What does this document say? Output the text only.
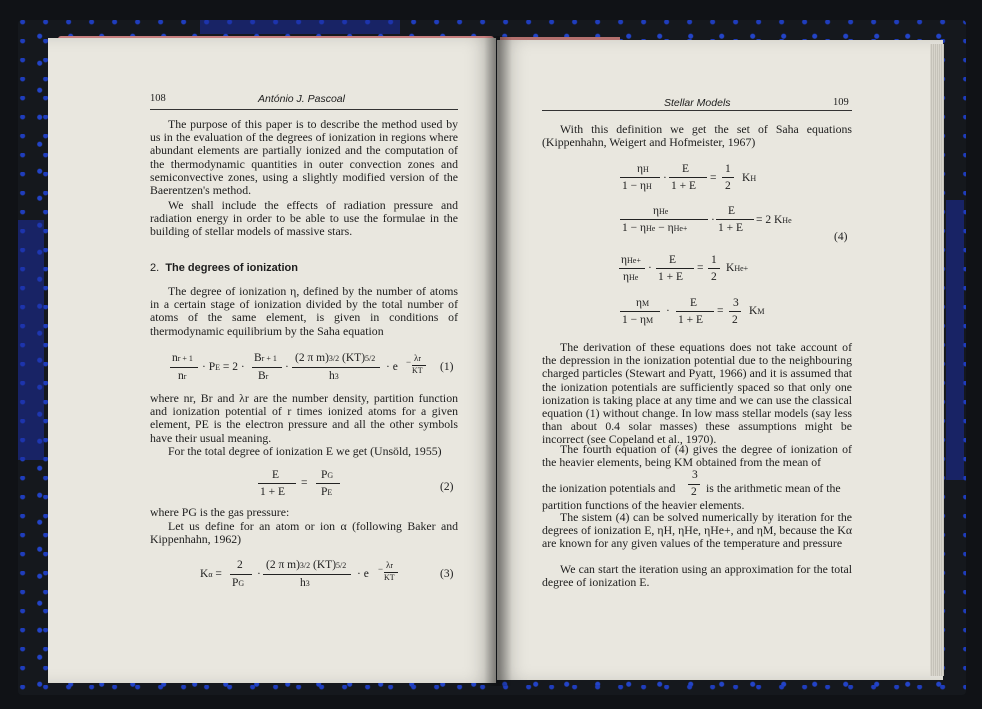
108	António J. Pascoal
The purpose of this paper is to describe the method used by us in the evaluation of the degrees of ionization in regions where abundant elements are partially ionized and the computation of the thermodynamic quantities in outer convection zones and semiconvective zones, using a slightly modified version of the Baerentzen's method.
We shall include the effects of radiation pressure and radiation energy in order to be able to use the formulae in the building of stellar models of massive stars.
2. The degrees of ionization
The degree of ionization η, defined by the number of atoms in a certain stage of ionization divided by the total number of atoms of the same element, is given in conditions of thermodynamic equilibrium by the Saha equation
nr + 1
nr
· PE = 2 ·
Br + 1
Br
·
(2 π m)3/2 (KT)5/2
h3
· e − λr
KT (1)
where nr, Br and λr are the number density, partition function and ionization potential of r times ionized atoms for a given element, PE is the electron pressure and all the other symbols have their usual meaning.
For the total degree of ionization E we get (Unsöld, 1955)
E
1 + E
=
PG
PE	(2)
where PG is the gas pressure:
Let us define for an atom or ion α (following Baker and Kippenhahn, 1962)
Kα =
2
PG
·
(2 π m)3/2 (KT)5/2
h3
· e − λr
KT	(3)
Stellar Models	109
With this definition we get the set of Saha equations (Kippenhahn, Weigert and Hofmeister, 1967)
ηH
1 − ηH
·
E
1 + E
=
1
2
KH
ηHe
1 − ηHe − ηHe+
·
E
1 + E
= 2 KHe
(4)
ηHe+
ηHe
·
E
1 + E
=
1
2
KHe+
ηM
1 − ηM
·
E
1 + E
=
3
2
KM
The derivation of these equations does not take account of the depression in the ionization potential due to the neighbouring charged particles (Stewart and Pyatt, 1966) and it is assumed that the ionization potentials are sufficiently spaced so that only one ionization is taking place at any time and we can use the classical equation (1) without change. In low mass stellar models (say less than about 0.4 solar masses) these assumptions might be incorrect (see Copeland et al., 1970).
The fourth equation of (4) gives the degree of ionization of the heavier elements, being KM obtained from the mean of
the ionization potentials and
3
2 is the arithmetic mean of the
partition functions of the heavier elements.
The sistem (4) can be solved numerically by iteration for the degrees of ionization E, ηH, ηHe, ηHe+, and ηM, because the Kα are known for any given values of the temperature and pressure
We can start the iteration using an approximation for the total degree of ionization E.
